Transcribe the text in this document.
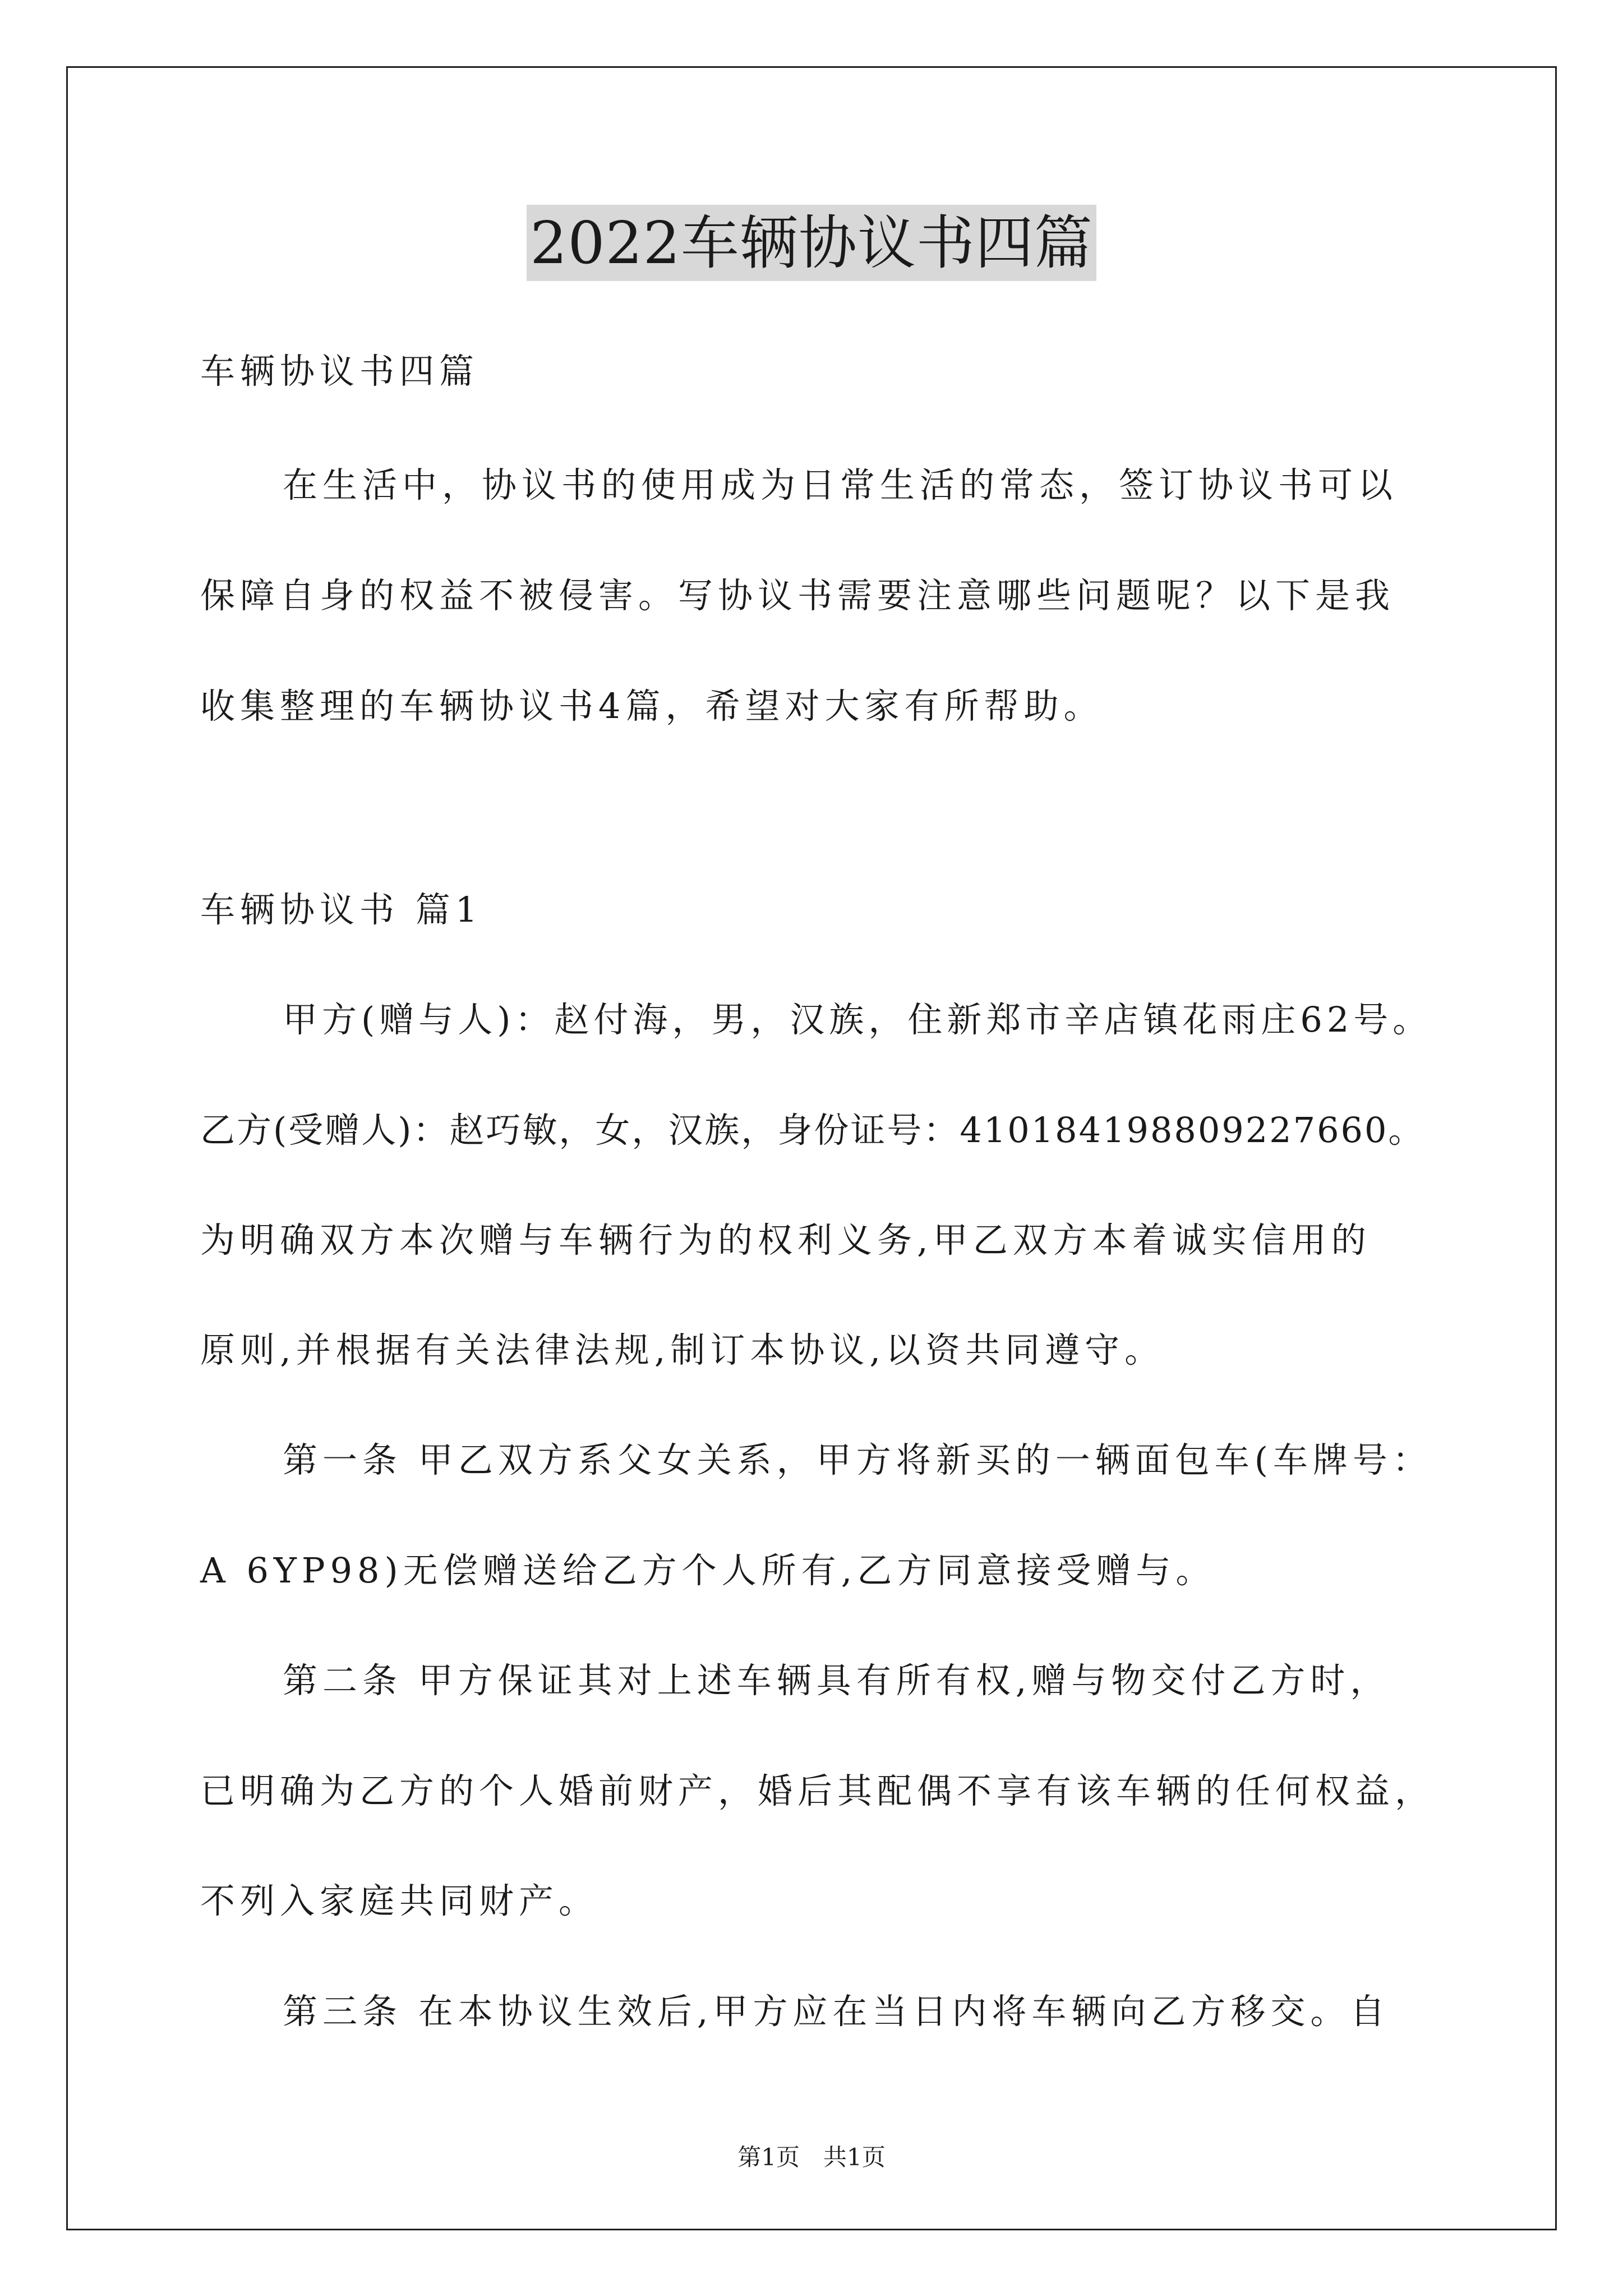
2022车辆协议书四篇
车辆协议书四篇
在生活中，协议书的使用成为日常生活的常态，签订协议书可以
保障自身的权益不被侵害。写协议书需要注意哪些问题呢？以下是我
收集整理的车辆协议书4篇，希望对大家有所帮助。
车辆协议书 篇1
甲方(赠与人)：赵付海，男，汉族，住新郑市辛店镇花雨庄62号。
乙方(受赠人)：赵巧敏，女，汉族，身份证号：410184198809227660。
为明确双方本次赠与车辆行为的权利义务,甲乙双方本着诚实信用的
原则,并根据有关法律法规,制订本协议,以资共同遵守。
第一条 甲乙双方系父女关系，甲方将新买的一辆面包车(车牌号：
A 6YP98)无偿赠送给乙方个人所有,乙方同意接受赠与。
第二条 甲方保证其对上述车辆具有所有权,赠与物交付乙方时，
已明确为乙方的个人婚前财产，婚后其配偶不享有该车辆的任何权益，
不列入家庭共同财产。
第三条 在本协议生效后,甲方应在当日内将车辆向乙方移交。自
第1页　共1页
